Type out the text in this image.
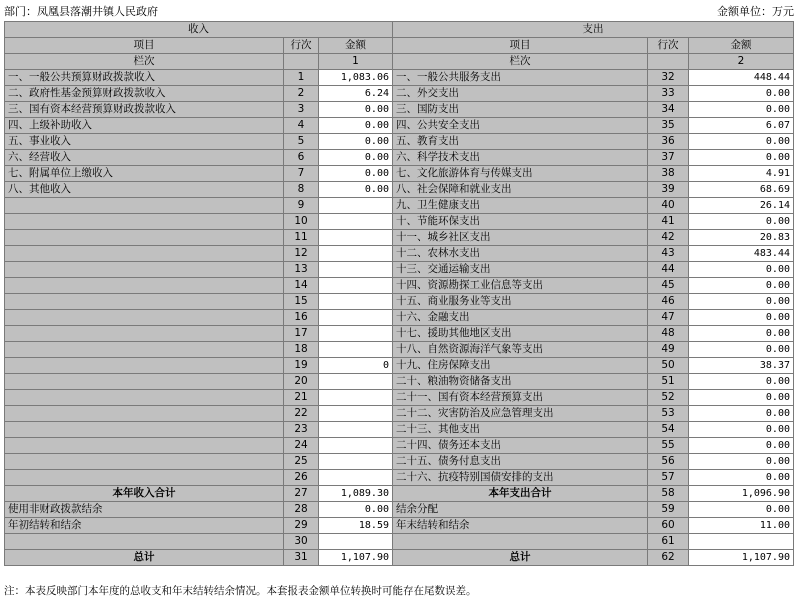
部门：凤凰县落潮井镇人民政府	金额单位：万元
收入			支出		
项目	行次	金额	项目	行次	金额
栏次		1	栏次		2
一、一般公共预算财政拨款收入	1	1,083.06	一、一般公共服务支出	32	448.44
二、政府性基金预算财政拨款收入	2	6.24	二、外交支出	33	0.00
三、国有资本经营预算财政拨款收入	3	0.00	三、国防支出	34	0.00
四、上级补助收入	4	0.00	四、公共安全支出	35	6.07
五、事业收入	5	0.00	五、教育支出	36	0.00
六、经营收入	6	0.00	六、科学技术支出	37	0.00
七、附属单位上缴收入	7	0.00	七、文化旅游体育与传媒支出	38	4.91
八、其他收入	8	0.00	八、社会保障和就业支出	39	68.69
	9		九、卫生健康支出	40	26.14
	10		十、节能环保支出	41	0.00
	11		十一、城乡社区支出	42	20.83
	12		十二、农林水支出	43	483.44
	13		十三、交通运输支出	44	0.00
	14		十四、资源勘探工业信息等支出	45	0.00
	15		十五、商业服务业等支出	46	0.00
	16		十六、金融支出	47	0.00
	17		十七、援助其他地区支出	48	0.00
	18		十八、自然资源海洋气象等支出	49	0.00
	19	0	十九、住房保障支出	50	38.37
	20		二十、粮油物资储备支出	51	0.00
	21		二十一、国有资本经营预算支出	52	0.00
	22		二十二、灾害防治及应急管理支出	53	0.00
	23		二十三、其他支出	54	0.00
	24		二十四、债务还本支出	55	0.00
	25		二十五、债务付息支出	56	0.00
	26		二十六、抗疫特别国债安排的支出	57	0.00
本年收入合计	27	1,089.30	本年支出合计	58	1,096.90
使用非财政拨款结余	28	0.00	结余分配	59	0.00
年初结转和结余	29	18.59	年末结转和结余	60	11.00
	30			61	
总计	31	1,107.90	总计	62	1,107.90
注：本表反映部门本年度的总收支和年末结转结余情况。本套报表金额单位转换时可能存在尾数误差。
